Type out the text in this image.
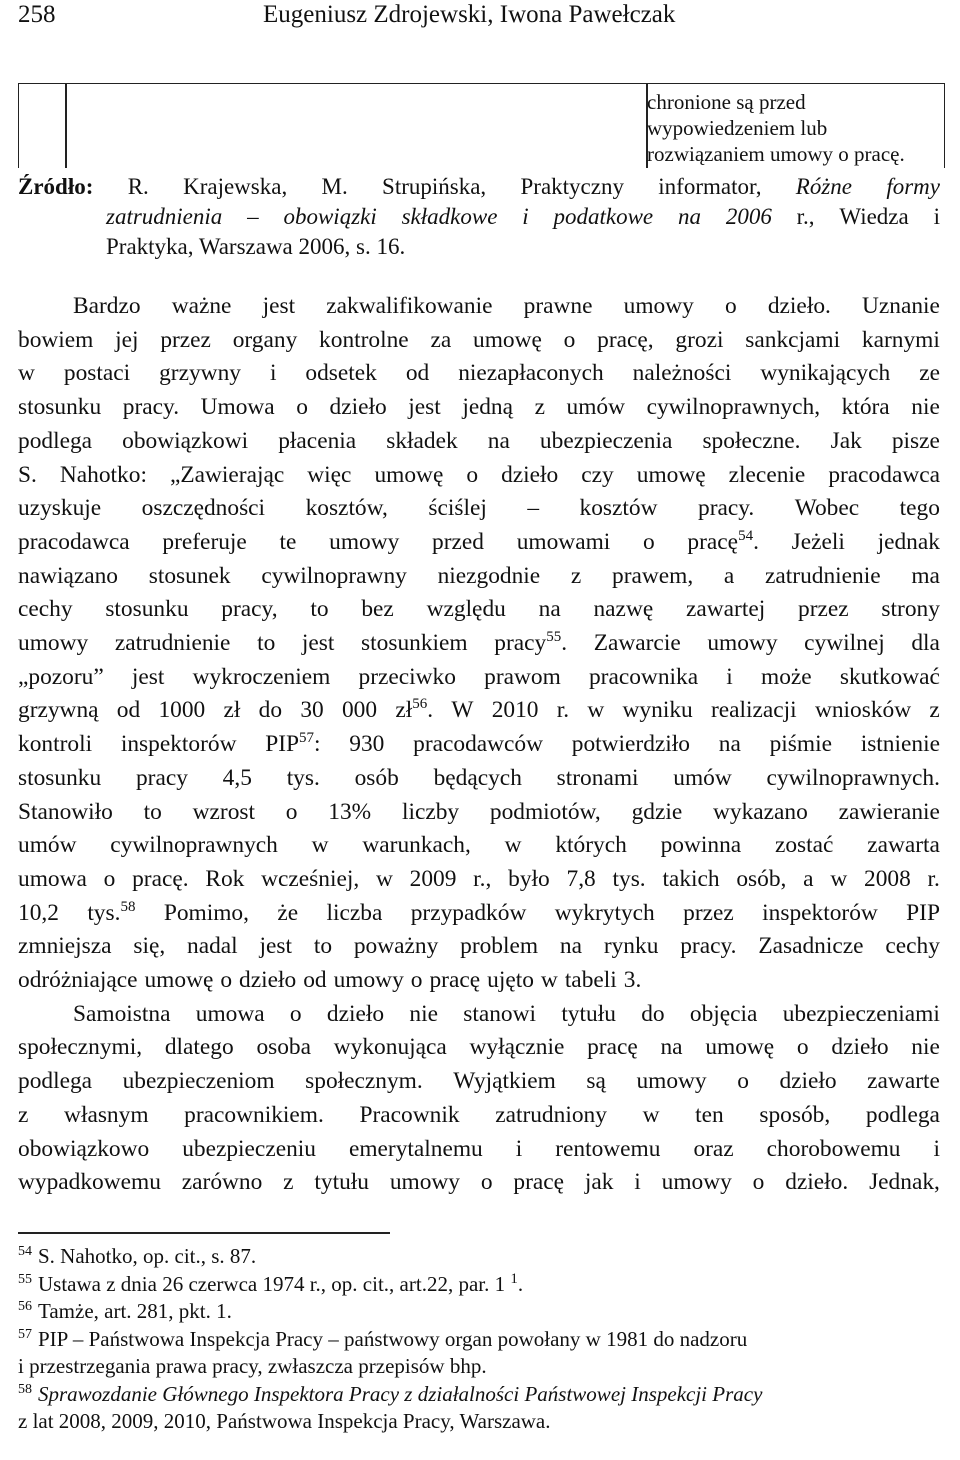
258	Eugeniusz Zdrojewski, Iwona Pawełczak
chronione są przed
wypowiedzeniem lub
rozwiązaniem umowy o pracę.
Źródło: R. Krajewska, M. Strupińska, Praktyczny informator, Różne formy
zatrudnienia – obowiązki składkowe i podatkowe na 2006 r., Wiedza i
Praktyka, Warszawa 2006, s. 16.
Bardzo ważne jest zakwalifikowanie prawne umowy o dzieło. Uznanie
bowiem jej przez organy kontrolne za umowę o pracę, grozi sankcjami karnymi
w postaci grzywny i odsetek od niezapłaconych należności wynikających ze
stosunku pracy. Umowa o dzieło jest jedną z umów cywilnoprawnych, która nie
podlega obowiązkowi płacenia składek na ubezpieczenia społeczne. Jak pisze
S. Nahotko: „Zawierając więc umowę o dzieło czy umowę zlecenie pracodawca
uzyskuje oszczędności kosztów, ściślej – kosztów pracy. Wobec tego
pracodawca preferuje te umowy przed umowami o pracę$^{54}$. Jeżeli jednak
nawiązano stosunek cywilnoprawny niezgodnie z prawem, a zatrudnienie ma
cechy stosunku pracy, to bez względu na nazwę zawartej przez strony
umowy zatrudnienie to jest stosunkiem pracy$^{55}$. Zawarcie umowy cywilnej dla
„pozoru” jest wykroczeniem przeciwko prawom pracownika i może skutkować
grzywną od 1000 zł do 30 000 $zł^{56}$. W 2010 r. w wyniku realizacji wniosków z
kontroli inspektorów PIP$^{57}$: 930 pracodawców potwierdziło na piśmie istnienie
stosunku pracy 4,5 tys. osób będących stronami umów cywilnoprawnych.
Stanowiło to wzrost o 13% liczby podmiotów, gdzie wykazano zawieranie
umów cywilnoprawnych w warunkach, w których powinna zostać zawarta
umowa o pracę. Rok wcześniej, w 2009 r., było 7,8 tys. takich osób, a w 2008 r.
10,2 tys.$^{58}$ Pomimo, że liczba przypadków wykrytych przez inspektorów PIP
zmniejsza się, nadal jest to poważny problem na rynku pracy. Zasadnicze cechy
odróżniające umowę o dzieło od umowy o pracę ujęto w tabeli 3.
Samoistna umowa o dzieło nie stanowi tytułu do objęcia ubezpieczeniami
społecznymi, dlatego osoba wykonująca wyłącznie pracę na umowę o dzieło nie
podlega ubezpieczeniom społecznym. Wyjątkiem są umowy o dzieło zawarte
z własnym pracownikiem. Pracownik zatrudniony w ten sposób, podlega
obowiązkowo ubezpieczeniu emerytalnemu i rentowemu oraz chorobowemu i
wypadkowemu zarówno z tytułu umowy o pracę jak i umowy o dzieło. Jednak,
$^{54}$ S. Nahotko, op. cit., s. 87.
$^{55}$ Ustawa z dnia 26 czerwca 1974 r., op. cit., art.22, par. 1 $^1$.
$^{56}$ Tamże, art. 281, pkt. 1.
$^{57}$ PIP – Państwowa Inspekcja Pracy – państwowy organ powołany w 1981 do nadzoru
i przestrzegania prawa pracy, zwłaszcza przepisów bhp.
$^{58}$ Sprawozdanie Głównego Inspektora Pracy z działalności Państwowej Inspekcji Pracy
z lat 2008, 2009, 2010, Państwowa Inspekcja Pracy, Warszawa.
